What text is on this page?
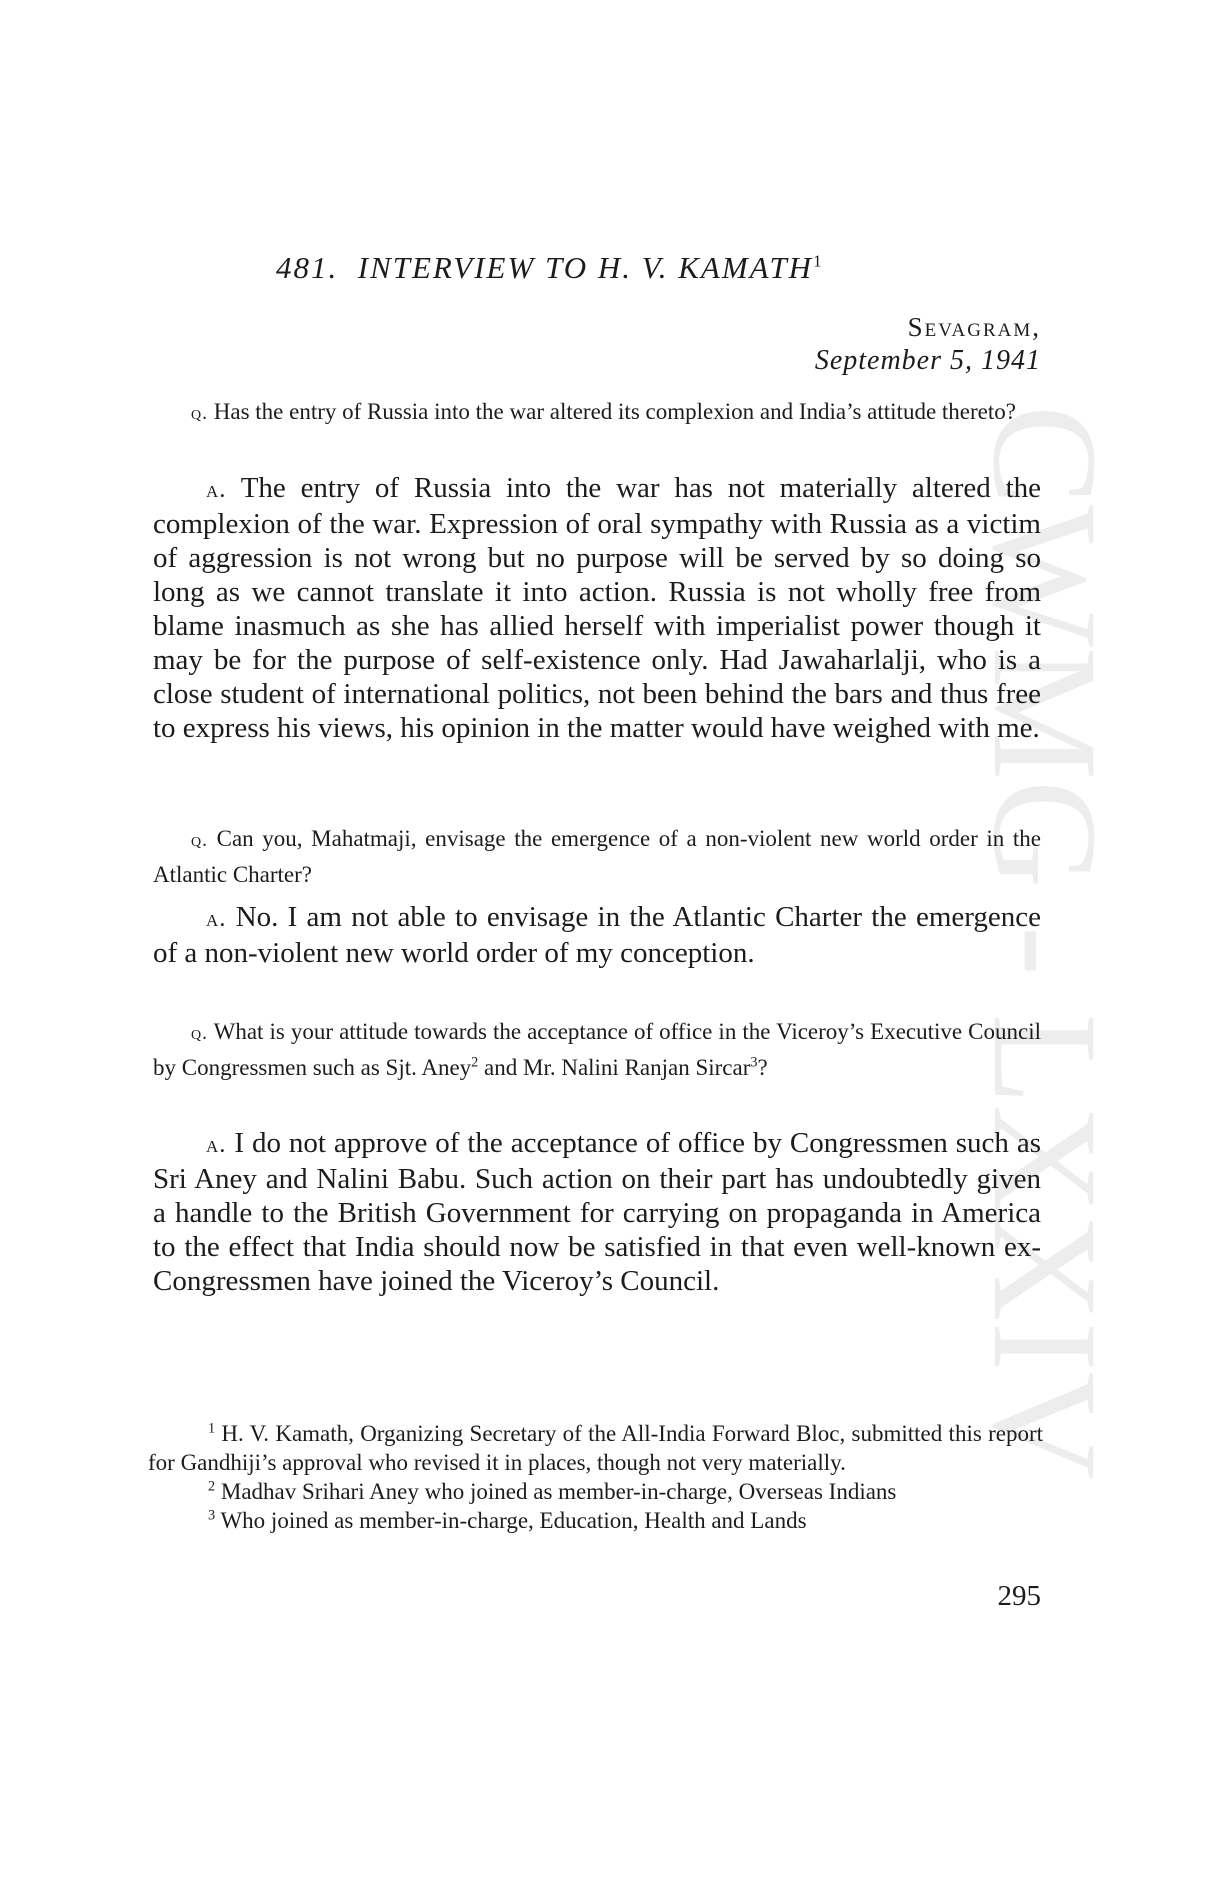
CWMG - LXXIV
481. INTERVIEW TO H. V. KAMATH$^1$
Sevagram,
September 5, 1941
q. Has the entry of Russia into the war altered its complexion and India’s attitude thereto?
a. The entry of Russia into the war has not materially altered the complexion of the war. Expression of oral sympathy with Russia as a victim of aggression is not wrong but no purpose will be served by so doing so long as we cannot translate it into action. Russia is not wholly free from blame inasmuch as she has allied herself with imperialist power though it may be for the purpose of self-existence only. Had Jawaharlalji, who is a close student of international politics, not been behind the bars and thus free to express his views, his opinion in the matter would have weighed with me.
q. Can you, Mahatmaji, envisage the emergence of a non-violent new world order in the Atlantic Charter?
a. No. I am not able to envisage in the Atlantic Charter the emergence of a non-violent new world order of my conception.
q. What is your attitude towards the acceptance of office in the Viceroy’s Executive Council by Congressmen such as Sjt. Aney$^2$ and Mr. Nalini Ranjan Sircar$^3$?
a. I do not approve of the acceptance of office by Congressmen such as Sri Aney and Nalini Babu. Such action on their part has undoubtedly given a handle to the British Government for carrying on propaganda in America to the effect that India should now be satisfied in that even well-known ex-Congressmen have joined the Viceroy’s Council.

$^1$ H. V. Kamath, Organizing Secretary of the All-India Forward Bloc, submitted this report for Gandhiji’s approval who revised it in places, though not very materially.

$^2$ Madhav Srihari Aney who joined as member-in-charge, Overseas Indians

$^3$ Who joined as member-in-charge, Education, Health and Lands

295
